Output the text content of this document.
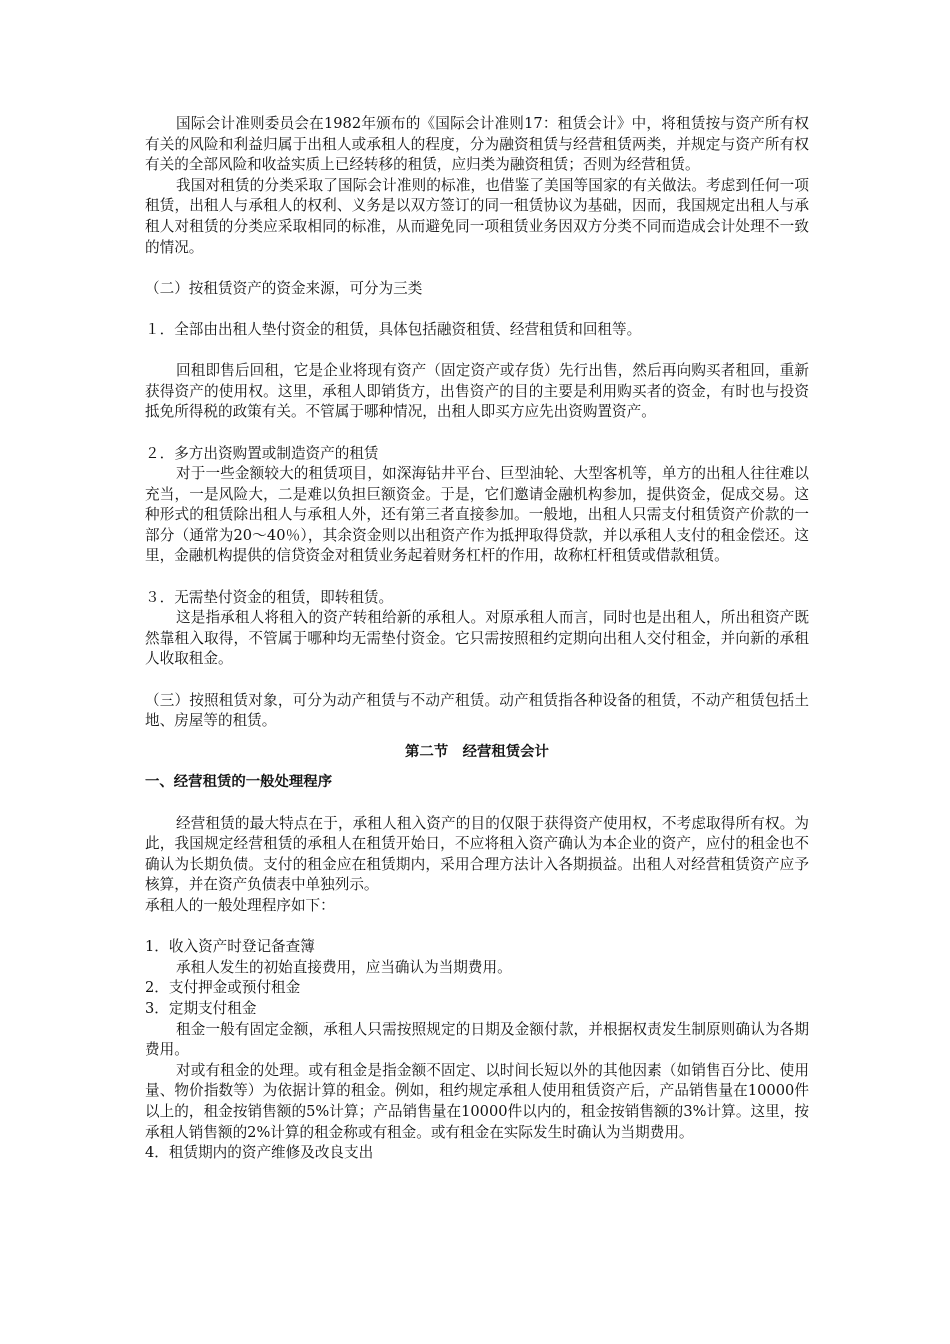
国际会计准则委员会在1982年颁布的《国际会计准则17：租赁会计》中，将租赁按与资产所有权有关的风险和利益归属于出租人或承租人的程度，分为融资租赁与经营租赁两类，并规定与资产所有权有关的全部风险和收益实质上已经转移的租赁，应归类为融资租赁；否则为经营租赁。

我国对租赁的分类采取了国际会计准则的标准，也借鉴了美国等国家的有关做法。考虑到任何一项租赁，出租人与承租人的权利、义务是以双方签订的同一租赁协议为基础，因而，我国规定出租人与承租人对租赁的分类应采取相同的标准，从而避免同一项租赁业务因双方分类不同而造成会计处理不一致的情况。

（二）按租赁资产的资金来源，可分为三类

１．全部由出租人垫付资金的租赁，具体包括融资租赁、经营租赁和回租等。

回租即售后回租，它是企业将现有资产（固定资产或存货）先行出售，然后再向购买者租回，重新获得资产的使用权。这里，承租人即销货方，出售资产的目的主要是利用购买者的资金，有时也与投资抵免所得税的政策有关。不管属于哪种情况，出租人即买方应先出资购置资产。

２．多方出资购置或制造资产的租赁

对于一些金额较大的租赁项目，如深海钻井平台、巨型油轮、大型客机等，单方的出租人往往难以充当，一是风险大，二是难以负担巨额资金。于是，它们邀请金融机构参加，提供资金，促成交易。这种形式的租赁除出租人与承租人外，还有第三者直接参加。一般地，出租人只需支付租赁资产价款的一部分（通常为20～40％），其余资金则以出租资产作为抵押取得贷款，并以承租人支付的租金偿还。这里，金融机构提供的信贷资金对租赁业务起着财务杠杆的作用，故称杠杆租赁或借款租赁。

３．无需垫付资金的租赁，即转租赁。

这是指承租人将租入的资产转租给新的承租人。对原承租人而言，同时也是出租人，所出租资产既然靠租入取得，不管属于哪种均无需垫付资金。它只需按照租约定期向出租人交付租金，并向新的承租人收取租金。

（三）按照租赁对象，可分为动产租赁与不动产租赁。动产租赁指各种设备的租赁，不动产租赁包括土地、房屋等的租赁。

第二节　经营租赁会计

一、经营租赁的一般处理程序

经营租赁的最大特点在于，承租人租入资产的目的仅限于获得资产使用权，不考虑取得所有权。为此，我国规定经营租赁的承租人在租赁开始日，不应将租入资产确认为本企业的资产，应付的租金也不确认为长期负债。支付的租金应在租赁期内，采用合理方法计入各期损益。出租人对经营租赁资产应予核算，并在资产负债表中单独列示。

承租人的一般处理程序如下：

1．收入资产时登记备查簿

承租人发生的初始直接费用，应当确认为当期费用。

2．支付押金或预付租金

3．定期支付租金

租金一般有固定金额，承租人只需按照规定的日期及金额付款，并根据权责发生制原则确认为各期费用。

对或有租金的处理。或有租金是指金额不固定、以时间长短以外的其他因素（如销售百分比、使用量、物价指数等）为依据计算的租金。例如，租约规定承租人使用租赁资产后，产品销售量在10000件以上的，租金按销售额的5%计算；产品销售量在10000件以内的，租金按销售额的3%计算。这里，按承租人销售额的2%计算的租金称或有租金。或有租金在实际发生时确认为当期费用。

4．租赁期内的资产维修及改良支出
